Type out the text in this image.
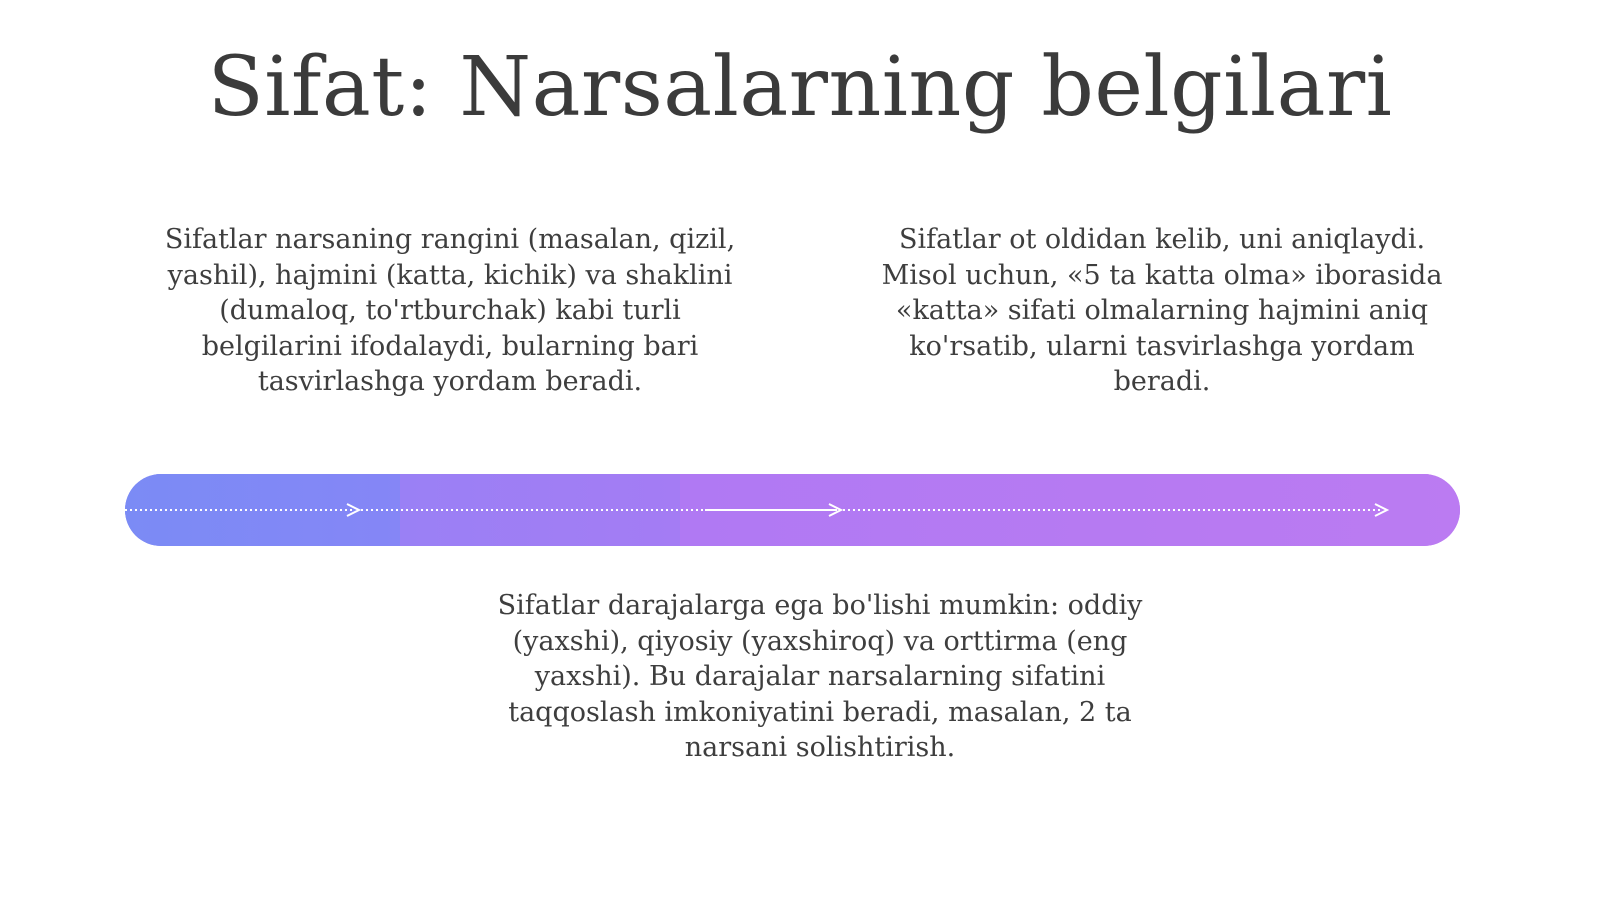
Sifat: Narsalarning belgilari

Sifatlar narsaning rangini (masalan, qizil, yashil), hajmini (katta, kichik) va shaklini (dumaloq, to'rtburchak) kabi turli belgilarini ifodalaydi, bularning bari tasvirlashga yordam beradi.

Sifatlar ot oldidan kelib, uni aniqlaydi. Misol uchun, «5 ta katta olma» iborasida «katta» sifati olmalarning hajmini aniq ko'rsatib, ularni tasvirlashga yordam beradi.

Sifatlar darajalarga ega bo'lishi mumkin: oddiy (yaxshi), qiyosiy (yaxshiroq) va orttirma (eng yaxshi). Bu darajalar narsalarning sifatini taqqoslash imkoniyatini beradi, masalan, 2 ta narsani solishtirish.
